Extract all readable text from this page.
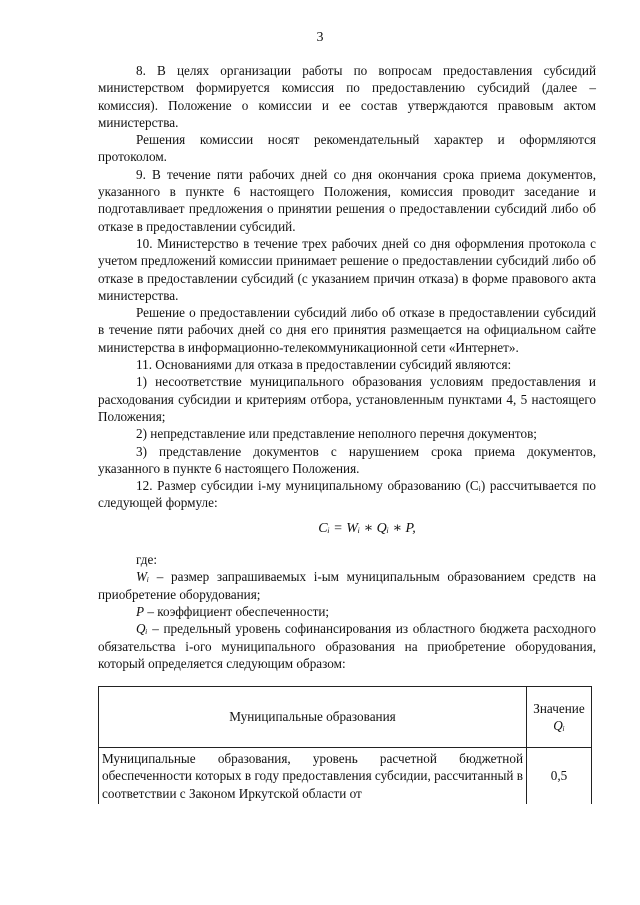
3

8. В целях организации работы по вопросам предоставления субсидий министерством формируется комиссия по предоставлению субсидий (далее – комиссия). Положение о комиссии и ее состав утверждаются правовым актом министерства.

Решения комиссии носят рекомендательный характер и оформляются протоколом.

9. В течение пяти рабочих дней со дня окончания срока приема документов, указанного в пункте 6 настоящего Положения, комиссия проводит заседание и подготавливает предложения о принятии решения о предоставлении субсидий либо об отказе в предоставлении субсидий.

10. Министерство в течение трех рабочих дней со дня оформления протокола с учетом предложений комиссии принимает решение о предоставлении субсидий либо об отказе в предоставлении субсидий (с указанием причин отказа) в форме правового акта министерства.

Решение о предоставлении субсидий либо об отказе в предоставлении субсидий в течение пяти рабочих дней со дня его принятия размещается на официальном сайте министерства в информационно-телекоммуникационной сети «Интернет».

11. Основаниями для отказа в предоставлении субсидий являются:

1) несоответствие муниципального образования условиям предоставления и расходования субсидии и критериям отбора, установленным пунктами 4, 5 настоящего Положения;

2) непредставление или представление неполного перечня документов;

3) представление документов с нарушением срока приема документов, указанного в пункте 6 настоящего Положения.

12. Размер субсидии i-му муниципальному образованию (Cᵢ) рассчитывается по следующей формуле:

Cᵢ = Wᵢ ∗ Qᵢ ∗ P,

где:

Wᵢ – размер запрашиваемых i-ым муниципальным образованием средств на приобретение оборудования;

P – коэффициент обеспеченности;

Qᵢ – предельный уровень софинансирования из областного бюджета расходного обязательства i-ого муниципального образования на приобретение оборудования, который определяется следующим образом:

Муниципальные образования	Значение
Qᵢ
Муниципальные образования, уровень расчетной бюджетной обеспеченности которых в году предоставления субсидии, рассчитанный в соответствии с Законом Иркутской области от	0,5
